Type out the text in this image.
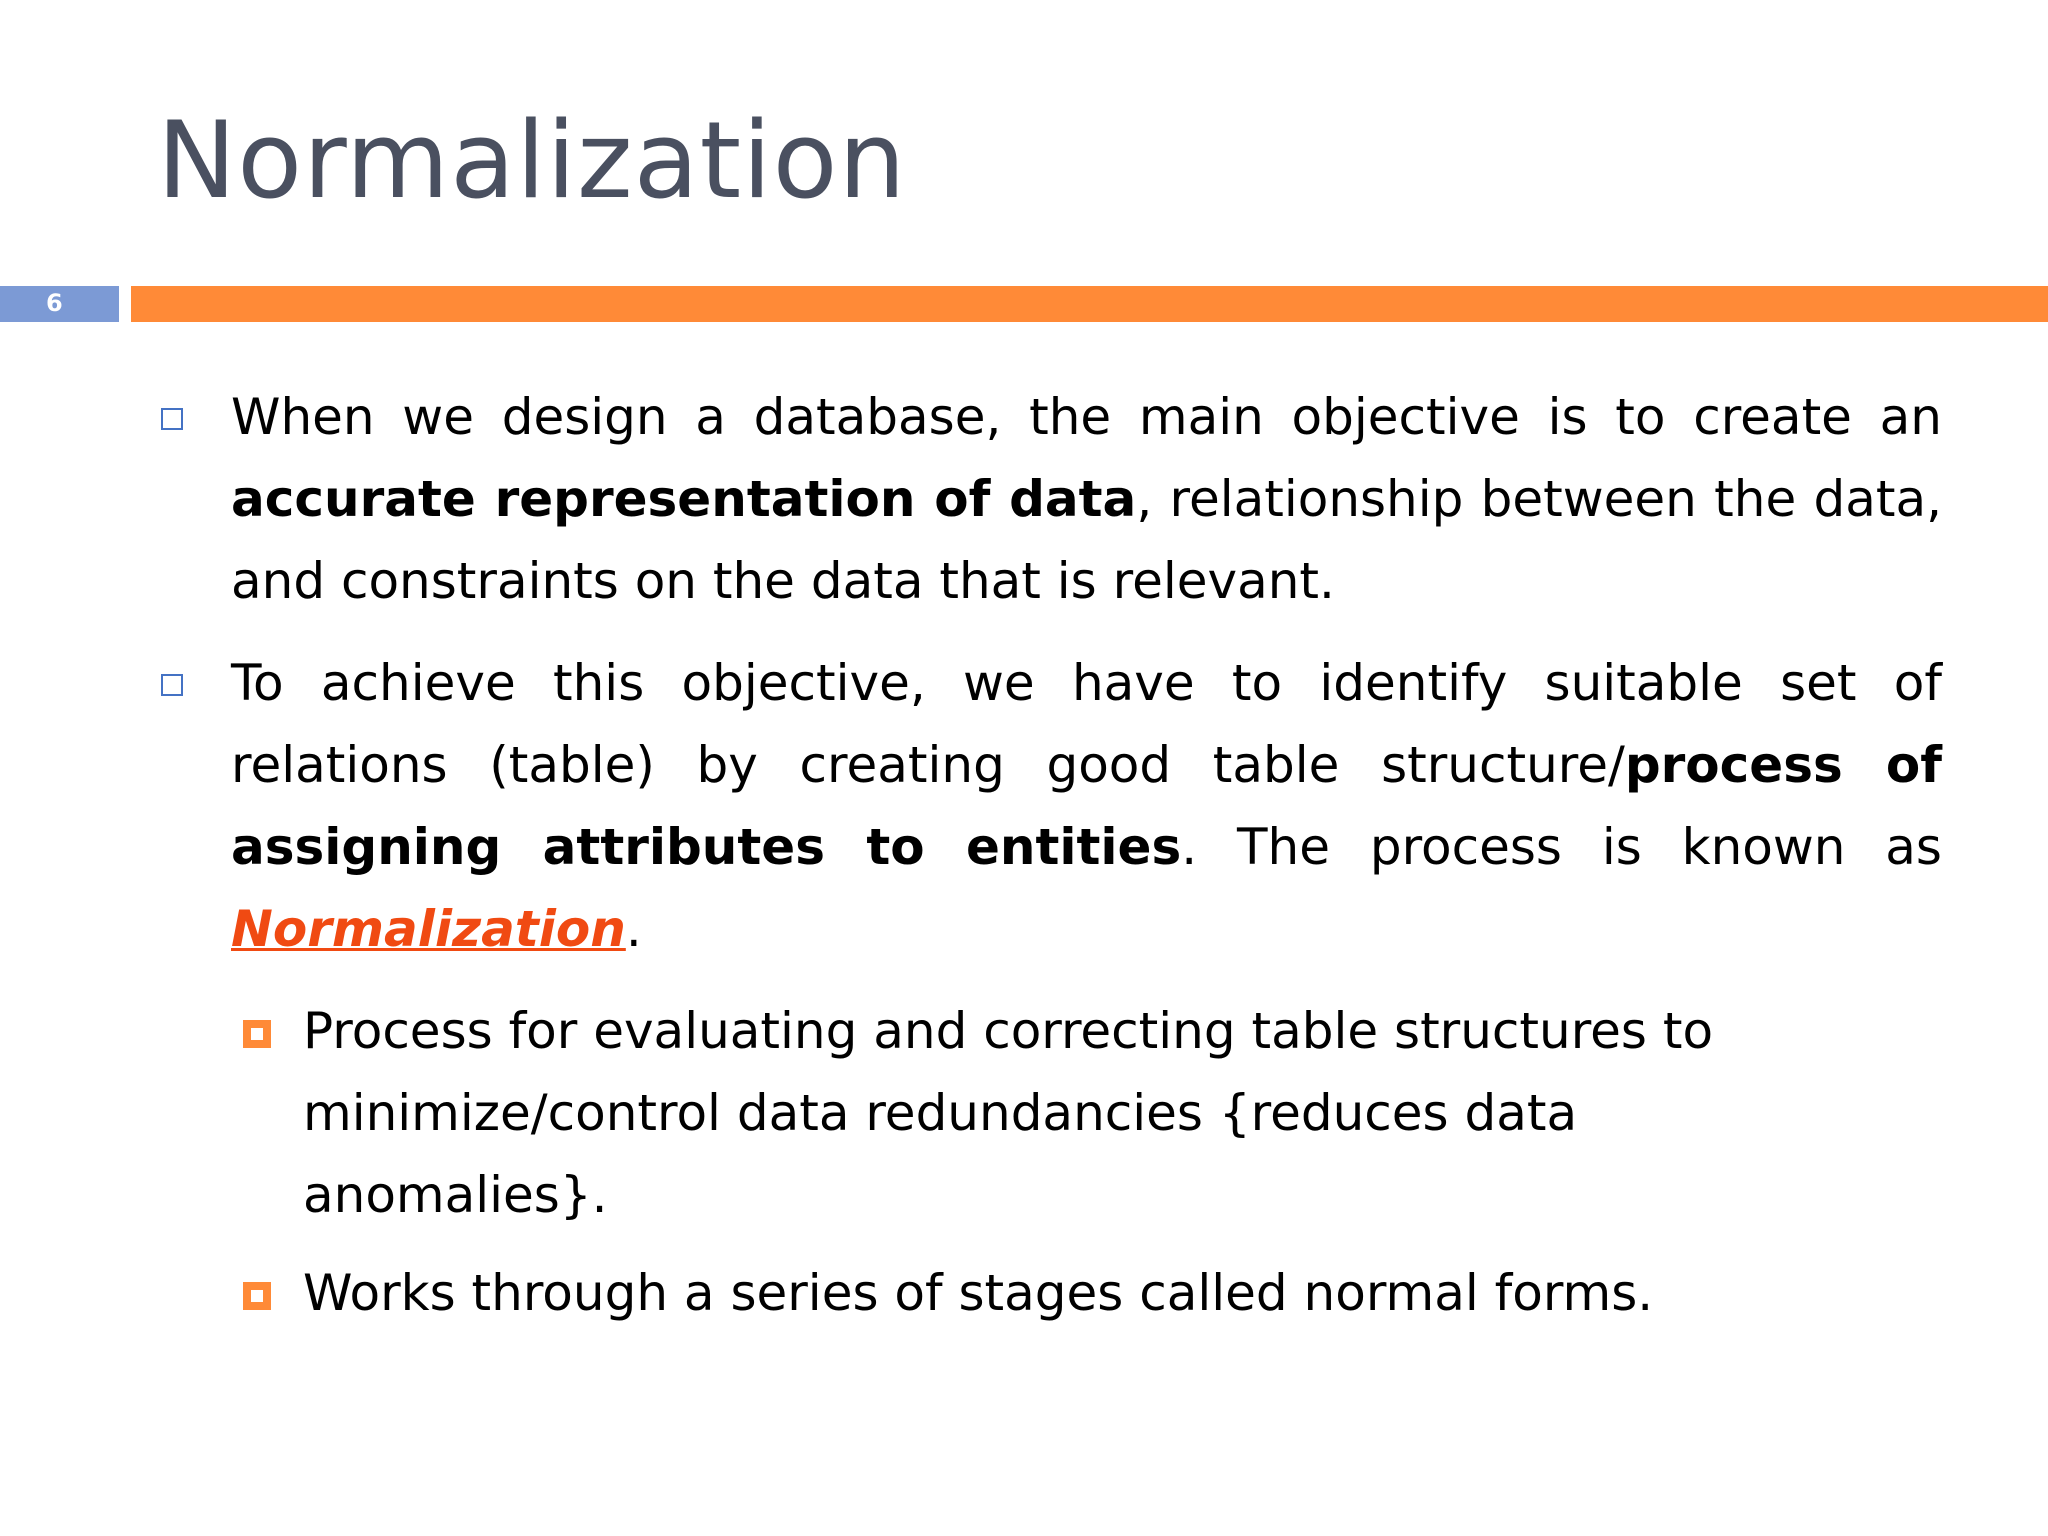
Normalization
6
When we design a database, the main objective is to create an accurate representation of data, relationship between the data, and constraints on the data that is relevant.
To achieve this objective, we have to identify suitable set of relations (table) by creating good table structure/process of assigning attributes to entities. The process is known as Normalization.
Process for evaluating and correcting table structures to minimize/control data redundancies {reduces data anomalies}.
Works through a series of stages called normal forms.
